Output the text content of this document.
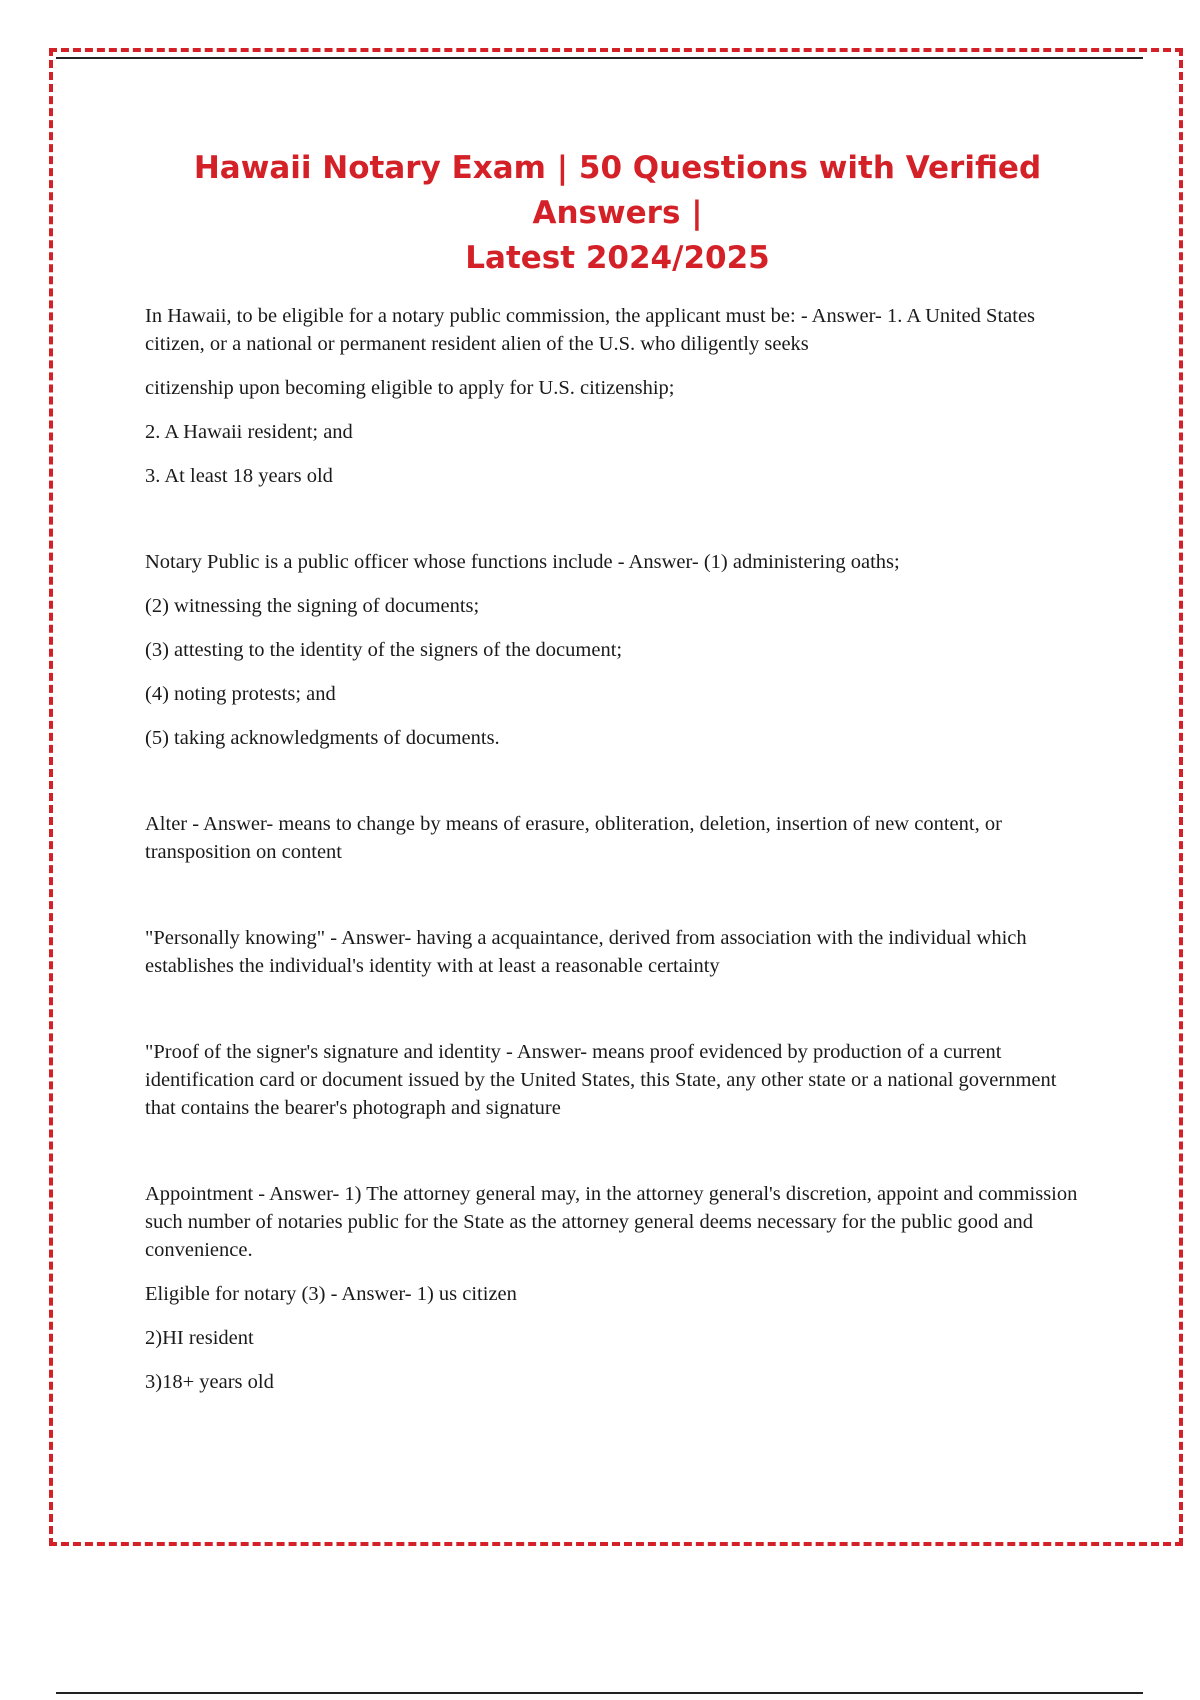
Hawaii Notary Exam | 50 Questions with Verified Answers |
Latest 2024/2025

In Hawaii, to be eligible for a notary public commission, the applicant must be: - Answer- 1. A United States citizen, or a national or permanent resident alien of the U.S. who diligently seeks

citizenship upon becoming eligible to apply for U.S. citizenship;

2. A Hawaii resident; and

3. At least 18 years old

Notary Public is a public officer whose functions include - Answer- (1) administering oaths;

(2) witnessing the signing of documents;

(3) attesting to the identity of the signers of the document;

(4) noting protests; and

(5) taking acknowledgments of documents.

Alter - Answer- means to change by means of erasure, obliteration, deletion, insertion of new content, or transposition on content

"Personally knowing" - Answer- having a acquaintance, derived from association with the individual which establishes the individual's identity with at least a reasonable certainty

"Proof of the signer's signature and identity - Answer- means proof evidenced by production of a current identification card or document issued by the United States, this State, any other state or a national government that contains the bearer's photograph and signature

Appointment - Answer- 1) The attorney general may, in the attorney general's discretion, appoint and commission such number of notaries public for the State as the attorney general deems necessary for the public good and convenience.

Eligible for notary (3) - Answer- 1) us citizen

2)HI resident

3)18+ years old
